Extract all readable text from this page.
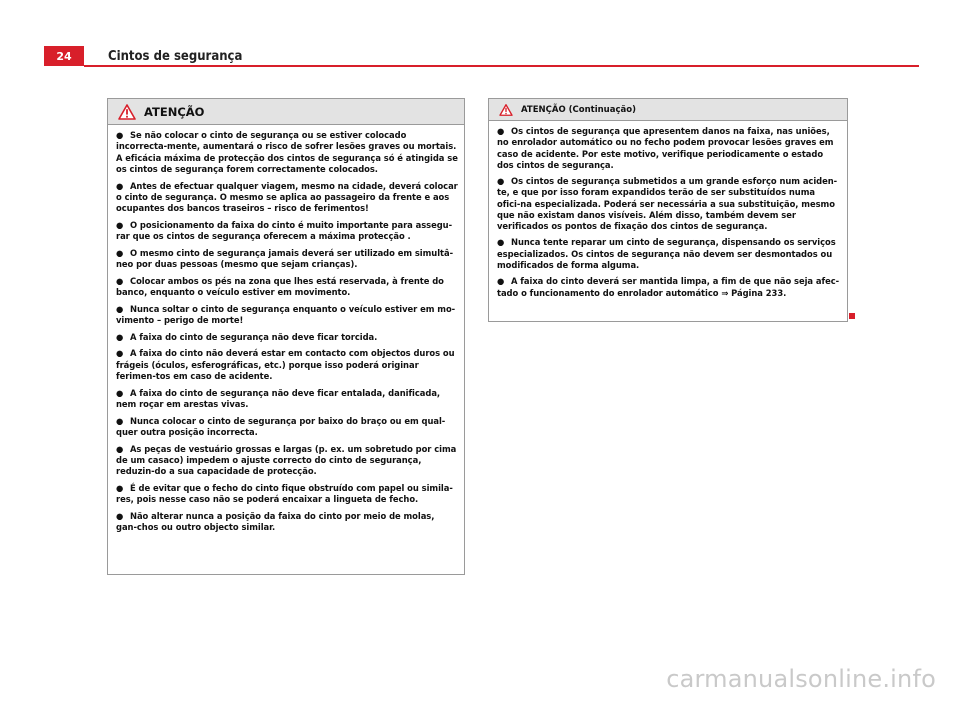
24	Cintos de segurança
ATENÇÃO
● Se não colocar o cinto de segurança ou se estiver colocado incorrecta-mente, aumentará o risco de sofrer lesões graves ou mortais. A eficácia máxima de protecção dos cintos de segurança só é atingida se os cintos de segurança forem correctamente colocados.
● Antes de efectuar qualquer viagem, mesmo na cidade, deverá colocar o cinto de segurança. O mesmo se aplica ao passageiro da frente e aos ocupantes dos bancos traseiros – risco de ferimentos!
● O posicionamento da faixa do cinto é muito importante para assegu-rar que os cintos de segurança oferecem a máxima protecção .
● O mesmo cinto de segurança jamais deverá ser utilizado em simultâ-neo por duas pessoas (mesmo que sejam crianças).
● Colocar ambos os pés na zona que lhes está reservada, à frente do banco, enquanto o veículo estiver em movimento.
● Nunca soltar o cinto de segurança enquanto o veículo estiver em mo-vimento – perigo de morte!
● A faixa do cinto de segurança não deve ficar torcida.
● A faixa do cinto não deverá estar em contacto com objectos duros ou frágeis (óculos, esferográficas, etc.) porque isso poderá originar ferimen-tos em caso de acidente.
● A faixa do cinto de segurança não deve ficar entalada, danificada, nem roçar em arestas vivas.
● Nunca colocar o cinto de segurança por baixo do braço ou em qual-quer outra posição incorrecta.
● As peças de vestuário grossas e largas (p. ex. um sobretudo por cima de um casaco) impedem o ajuste correcto do cinto de segurança, reduzin-do a sua capacidade de protecção.
● É de evitar que o fecho do cinto fique obstruído com papel ou simila-res, pois nesse caso não se poderá encaixar a lingueta de fecho.
● Não alterar nunca a posição da faixa do cinto por meio de molas, gan-chos ou outro objecto similar.
ATENÇÃO (Continuação)
● Os cintos de segurança que apresentem danos na faixa, nas uniões, no enrolador automático ou no fecho podem provocar lesões graves em caso de acidente. Por este motivo, verifique periodicamente o estado dos cintos de segurança.
● Os cintos de segurança submetidos a um grande esforço num aciden-te, e que por isso foram expandidos terão de ser substituídos numa ofici-na especializada. Poderá ser necessária a sua substituição, mesmo que não existam danos visíveis. Além disso, também devem ser verificados os pontos de fixação dos cintos de segurança.
● Nunca tente reparar um cinto de segurança, dispensando os serviços especializados. Os cintos de segurança não devem ser desmontados ou modificados de forma alguma.
● A faixa do cinto deverá ser mantida limpa, a fim de que não seja afec-tado o funcionamento do enrolador automático ⇒ Página 233.
carmanualsonline.info
